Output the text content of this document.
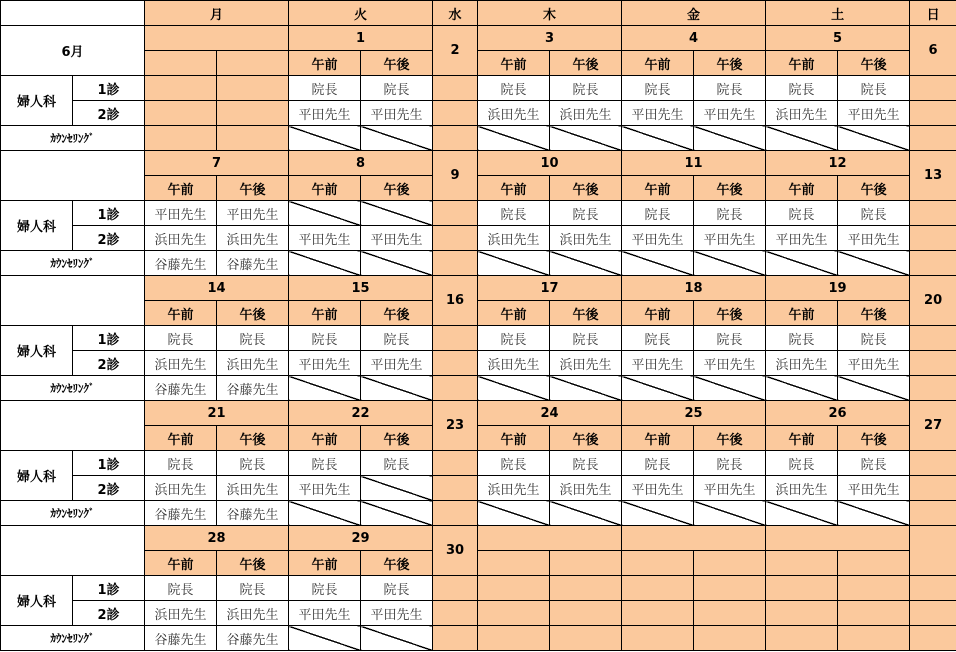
		月		火		水	木		金		土		日
6月				1		2	3		4		5		6
				午前	午後		午前	午後	午前	午後	午前	午後	
婦人科	1診			院長	院長		院長	院長	院長	院長	院長	院長	
	2診			平田先生	平田先生		浜田先生	浜田先生	平田先生	平田先生	浜田先生	平田先生	
ｶｳﾝｾﾘﾝｸﾞ													
		7		8		9	10		11		12		13
		午前	午後	午前	午後		午前	午後	午前	午後	午前	午後	
婦人科	1診	平田先生	平田先生				院長	院長	院長	院長	院長	院長	
	2診	浜田先生	浜田先生	平田先生	平田先生		浜田先生	浜田先生	平田先生	平田先生	平田先生	平田先生	
ｶｳﾝｾﾘﾝｸﾞ		谷藤先生	谷藤先生										
		14		15		16	17		18		19		20
		午前	午後	午前	午後		午前	午後	午前	午後	午前	午後	
婦人科	1診	院長	院長	院長	院長		院長	院長	院長	院長	院長	院長	
	2診	浜田先生	浜田先生	平田先生	平田先生		浜田先生	浜田先生	平田先生	平田先生	浜田先生	平田先生	
ｶｳﾝｾﾘﾝｸﾞ		谷藤先生	谷藤先生										
		21		22		23	24		25		26		27
		午前	午後	午前	午後		午前	午後	午前	午後	午前	午後	
婦人科	1診	院長	院長	院長	院長		院長	院長	院長	院長	院長	院長	
	2診	浜田先生	浜田先生	平田先生			浜田先生	浜田先生	平田先生	平田先生	浜田先生	平田先生	
ｶｳﾝｾﾘﾝｸﾞ		谷藤先生	谷藤先生										
		28		29		30							
		午前	午後	午前	午後								
婦人科	1診	院長	院長	院長	院長								
	2診	浜田先生	浜田先生	平田先生	平田先生								
ｶｳﾝｾﾘﾝｸﾞ		谷藤先生	谷藤先生										
